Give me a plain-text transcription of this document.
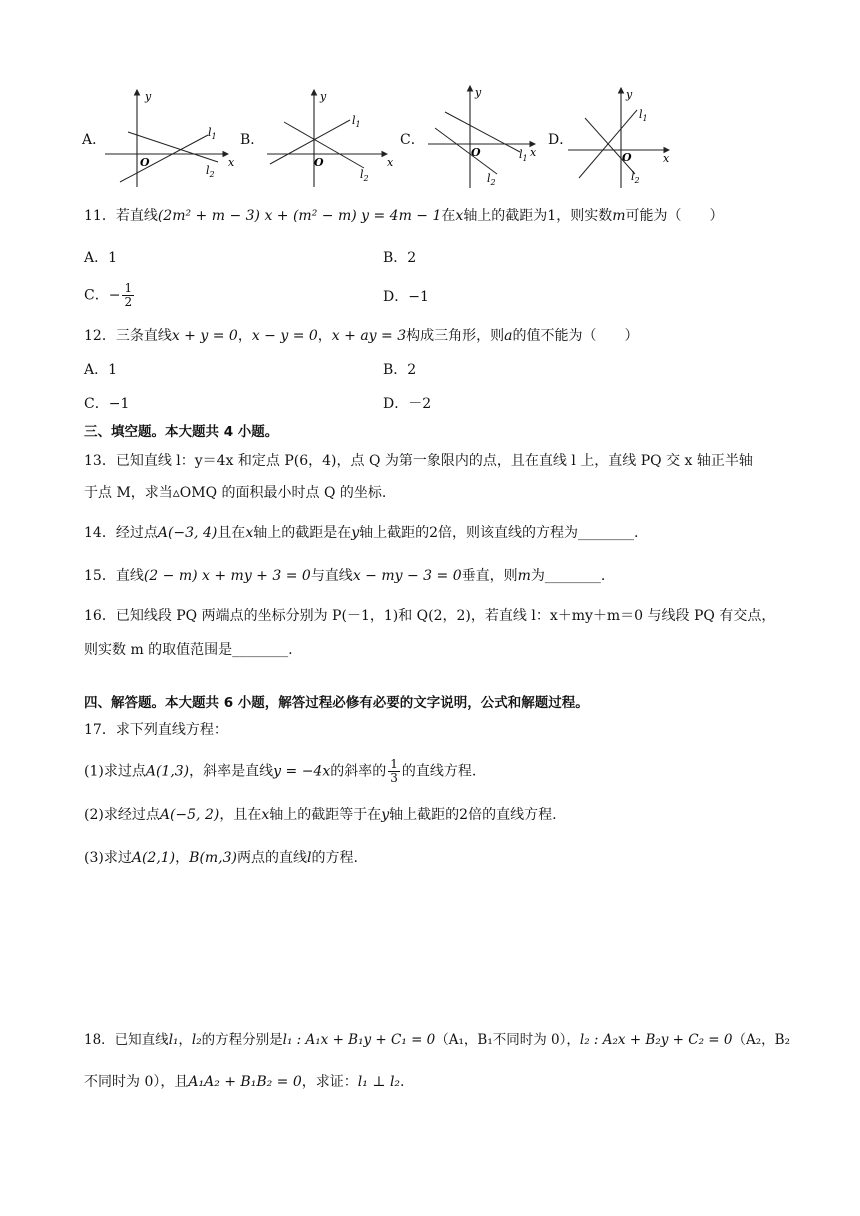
A．
y
x
O
$l_1$
$l_2$
B．
y
x
O
$l_1$
$l_2$
C．
y
x
O	$l_1$
$l_2$
D．
y
x
O
$l_1$
$l_2$
11．若直线(2m² + m − 3) x + (m² − m) y = 4m − 1在x轴上的截距为1，则实数m可能为（　　）
A．1	B．2
C．− $\frac{1}{2}$	D．−1
12．三条直线x + y = 0，x − y = 0，x + ay = 3构成三角形，则a的值不能为（　　）
A．1	B．2
C．−1	D．－2
三、填空题。本大题共 4 小题。
13．已知直线 l：y＝4x 和定点 P(6，4)，点 Q 为第一象限内的点，且在直线 l 上，直线 PQ 交 x 轴正半轴
于点 M，求当▵OMQ 的面积最小时点 Q 的坐标.
14．经过点A(−3, 4)且在x轴上的截距是在y轴上截距的2倍，则该直线的方程为________.
15．直线(2 − m) x + my + 3 = 0与直线x − my − 3 = 0垂直，则m为________.
16．已知线段 PQ 两端点的坐标分别为 P(－1，1)和 Q(2，2)，若直线 l：x＋my＋m＝0 与线段 PQ 有交点，
则实数 m 的取值范围是________.
四、解答题。本大题共 6 小题，解答过程必修有必要的文字说明，公式和解题过程。
17．求下列直线方程：
(1)求过点A(1,3)，斜率是直线y = −4x的斜率的 $\frac{1}{3}$ 的直线方程.
(2)求经过点A(−5, 2)，且在x轴上的截距等于在y轴上截距的2倍的直线方程.
(3)求过A(2,1)，B(m,3)两点的直线l的方程.
18．已知直线l₁，l₂的方程分别是l₁ : A₁x + B₁y + C₁ = 0（A₁，B₁不同时为 0），l₂ : A₂x + B₂y + C₂ = 0（A₂，B₂
不同时为 0），且A₁A₂ + B₁B₂ = 0，求证：l₁ ⊥ l₂.
